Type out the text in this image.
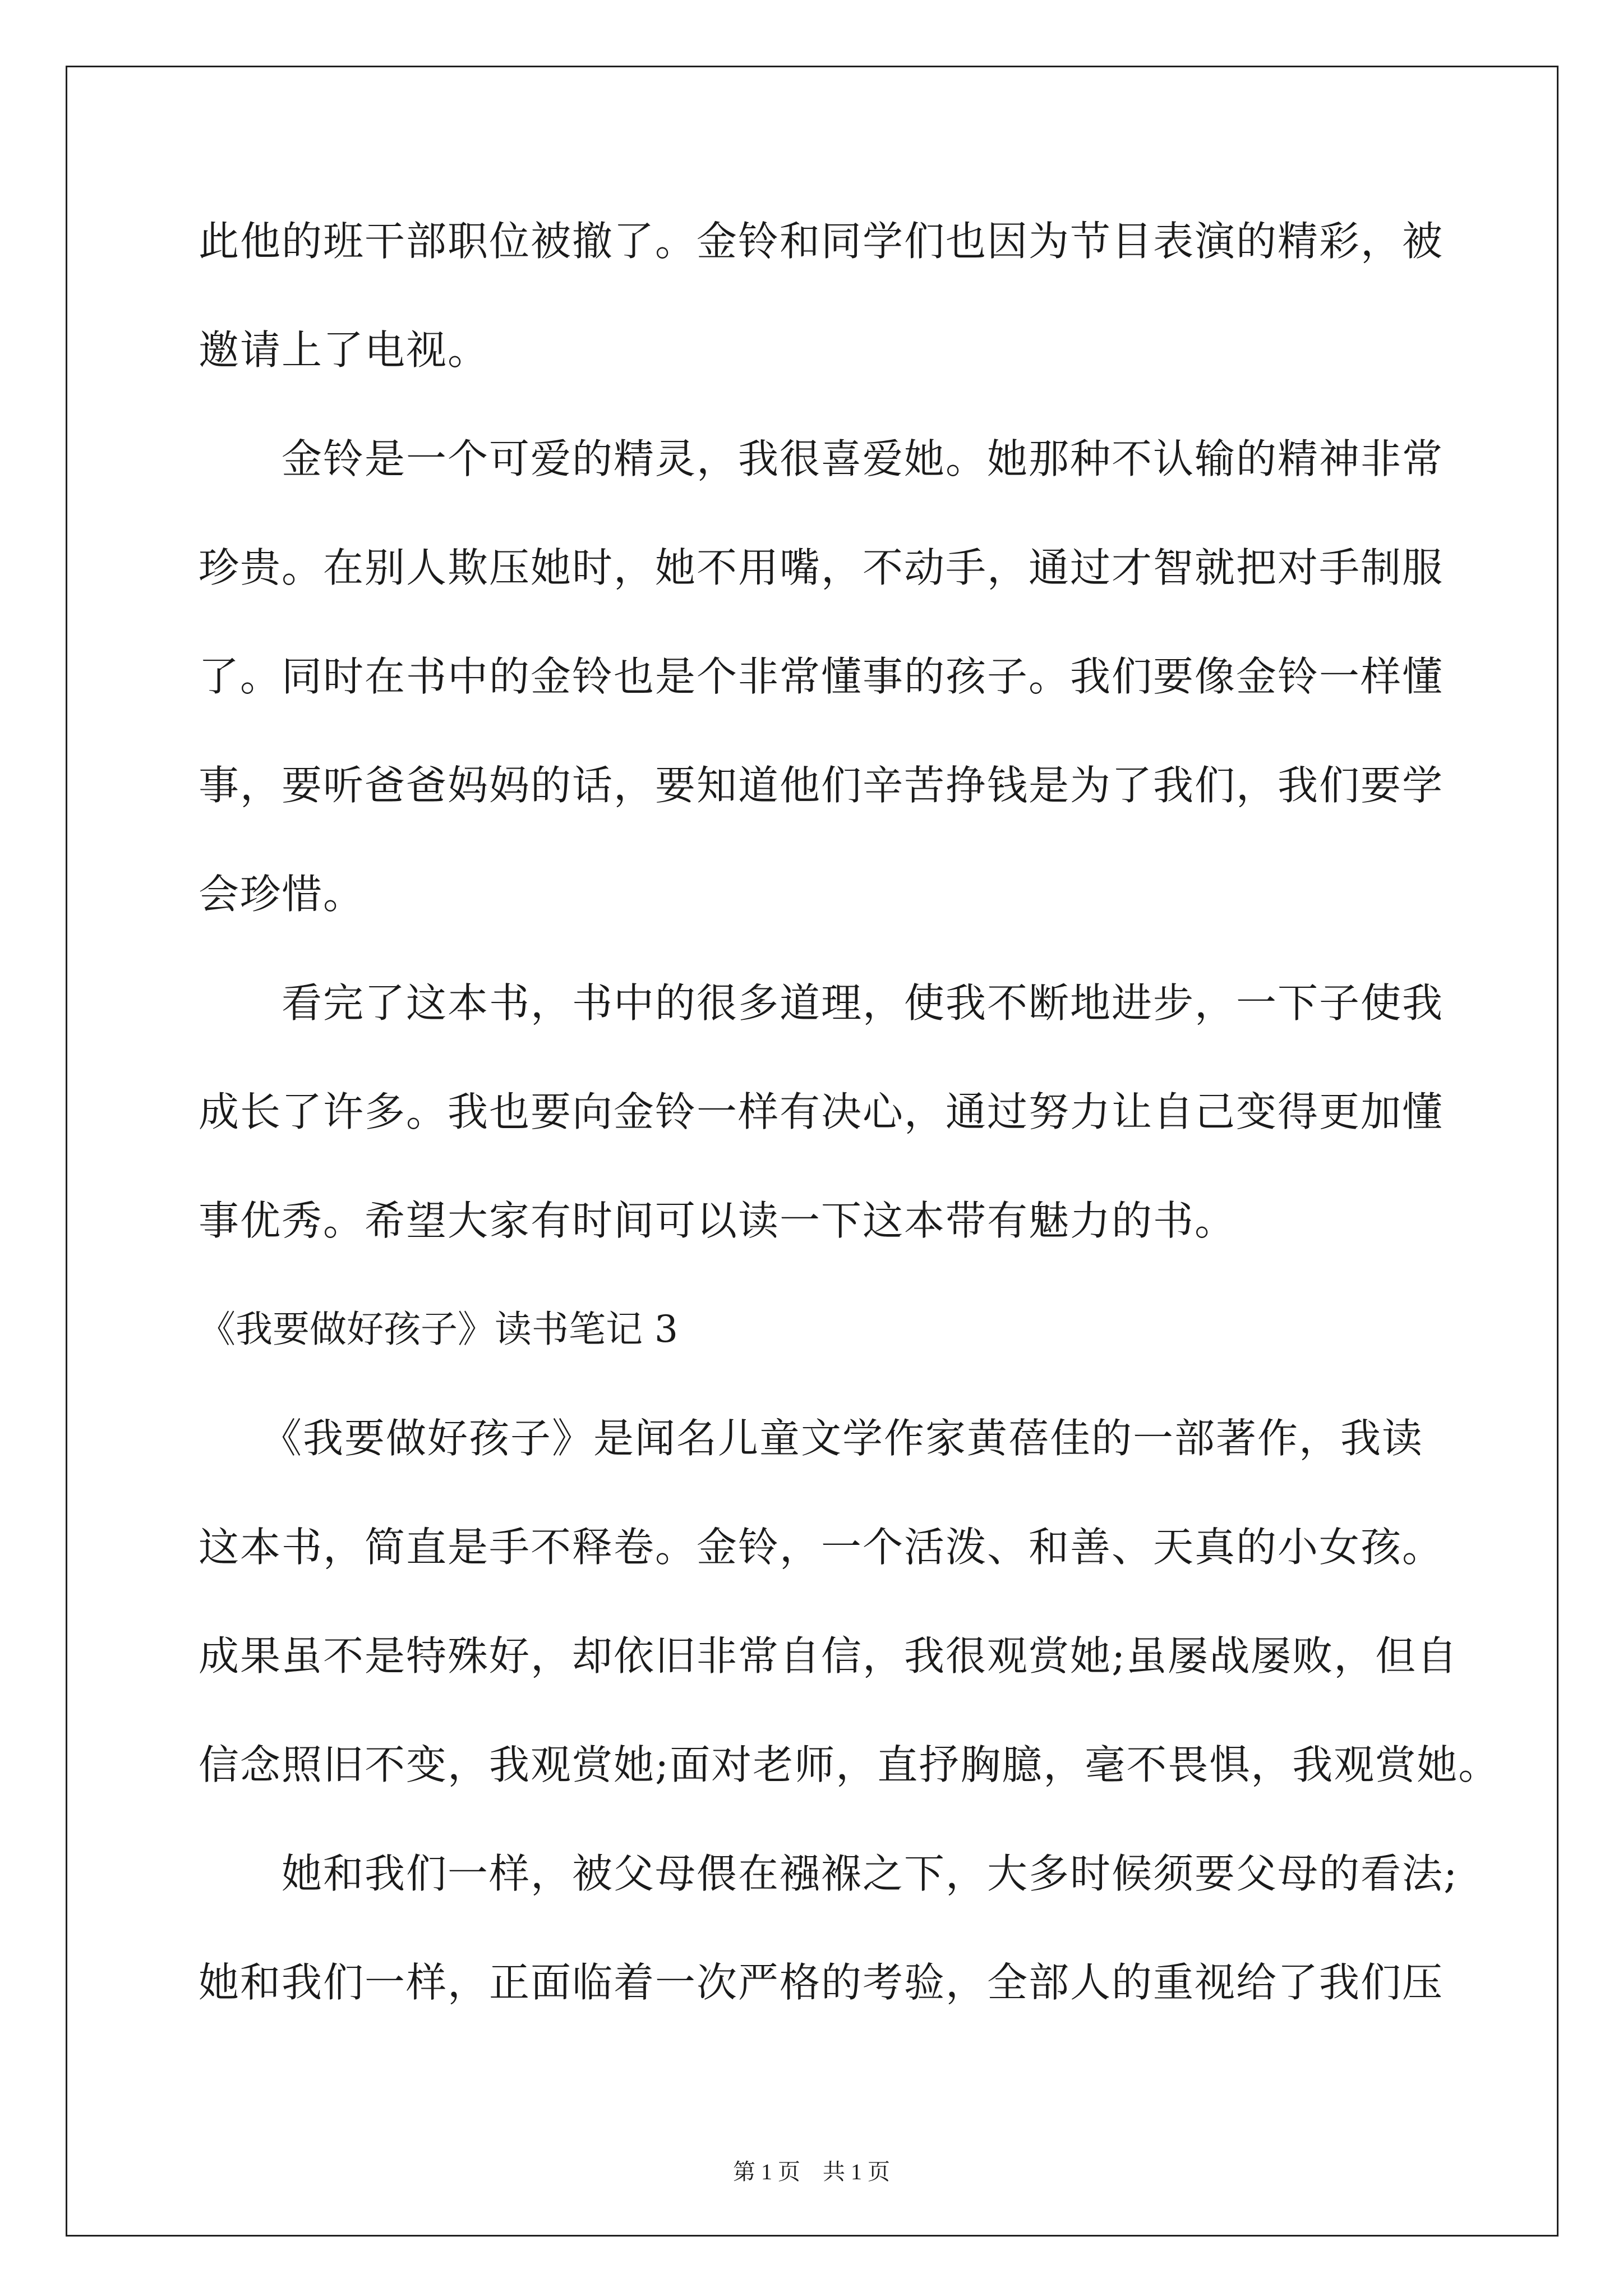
此他的班干部职位被撤了。金铃和同学们也因为节目表演的精彩，被
邀请上了电视。
　　金铃是一个可爱的精灵，我很喜爱她。她那种不认输的精神非常
珍贵。在别人欺压她时，她不用嘴，不动手，通过才智就把对手制服
了。同时在书中的金铃也是个非常懂事的孩子。我们要像金铃一样懂
事，要听爸爸妈妈的话，要知道他们辛苦挣钱是为了我们，我们要学
会珍惜。
　　看完了这本书，书中的很多道理，使我不断地进步，一下子使我
成长了许多。我也要向金铃一样有决心，通过努力让自己变得更加懂
事优秀。希望大家有时间可以读一下这本带有魅力的书。
《我要做好孩子》读书笔记 3
　　《我要做好孩子》是闻名儿童文学作家黄蓓佳的一部著作，我读
这本书，简直是手不释卷。金铃，一个活泼、和善、天真的小女孩。
成果虽不是特殊好，却依旧非常自信，我很观赏她;虽屡战屡败，但自
信念照旧不变，我观赏她;面对老师，直抒胸臆，毫不畏惧，我观赏她。
　　她和我们一样，被父母偎在襁褓之下，大多时候须要父母的看法;
她和我们一样，正面临着一次严格的考验，全部人的重视给了我们压
第 1 页    共 1 页
